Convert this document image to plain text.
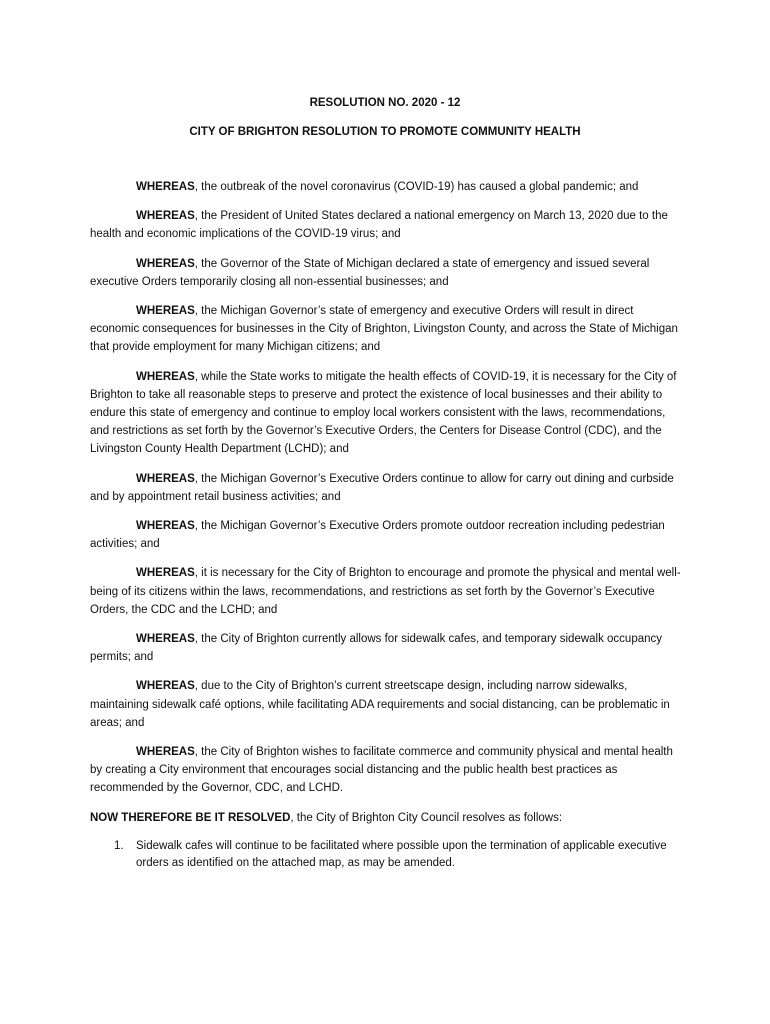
RESOLUTION NO. 2020 - 12
CITY OF BRIGHTON RESOLUTION TO PROMOTE COMMUNITY HEALTH

WHEREAS, the outbreak of the novel coronavirus (COVID-19) has caused a global pandemic; and

WHEREAS, the President of United States declared a national emergency on March 13, 2020 due to the health and economic implications of the COVID-19 virus; and

WHEREAS, the Governor of the State of Michigan declared a state of emergency and issued several executive Orders temporarily closing all non-essential businesses; and

WHEREAS, the Michigan Governor’s state of emergency and executive Orders will result in direct economic consequences for businesses in the City of Brighton, Livingston County, and across the State of Michigan that provide employment for many Michigan citizens; and

WHEREAS, while the State works to mitigate the health effects of COVID-19, it is necessary for the City of Brighton to take all reasonable steps to preserve and protect the existence of local businesses and their ability to endure this state of emergency and continue to employ local workers consistent with the laws, recommendations, and restrictions as set forth by the Governor’s Executive Orders, the Centers for Disease Control (CDC), and the Livingston County Health Department (LCHD); and

WHEREAS, the Michigan Governor’s Executive Orders continue to allow for carry out dining and curbside and by appointment retail business activities; and

WHEREAS, the Michigan Governor’s Executive Orders promote outdoor recreation including pedestrian activities; and

WHEREAS, it is necessary for the City of Brighton to encourage and promote the physical and mental well-being of its citizens within the laws, recommendations, and restrictions as set forth by the Governor’s Executive Orders, the CDC and the LCHD; and

WHEREAS, the City of Brighton currently allows for sidewalk cafes, and temporary sidewalk occupancy permits; and

WHEREAS, due to the City of Brighton’s current streetscape design, including narrow sidewalks, maintaining sidewalk café options, while facilitating ADA requirements and social distancing, can be problematic in areas; and

WHEREAS, the City of Brighton wishes to facilitate commerce and community physical and mental health by creating a City environment that encourages social distancing and the public health best practices as recommended by the Governor, CDC, and LCHD.

NOW THEREFORE BE IT RESOLVED, the City of Brighton City Council resolves as follows:

1. Sidewalk cafes will continue to be facilitated where possible upon the termination of applicable executive orders as identified on the attached map, as may be amended.
